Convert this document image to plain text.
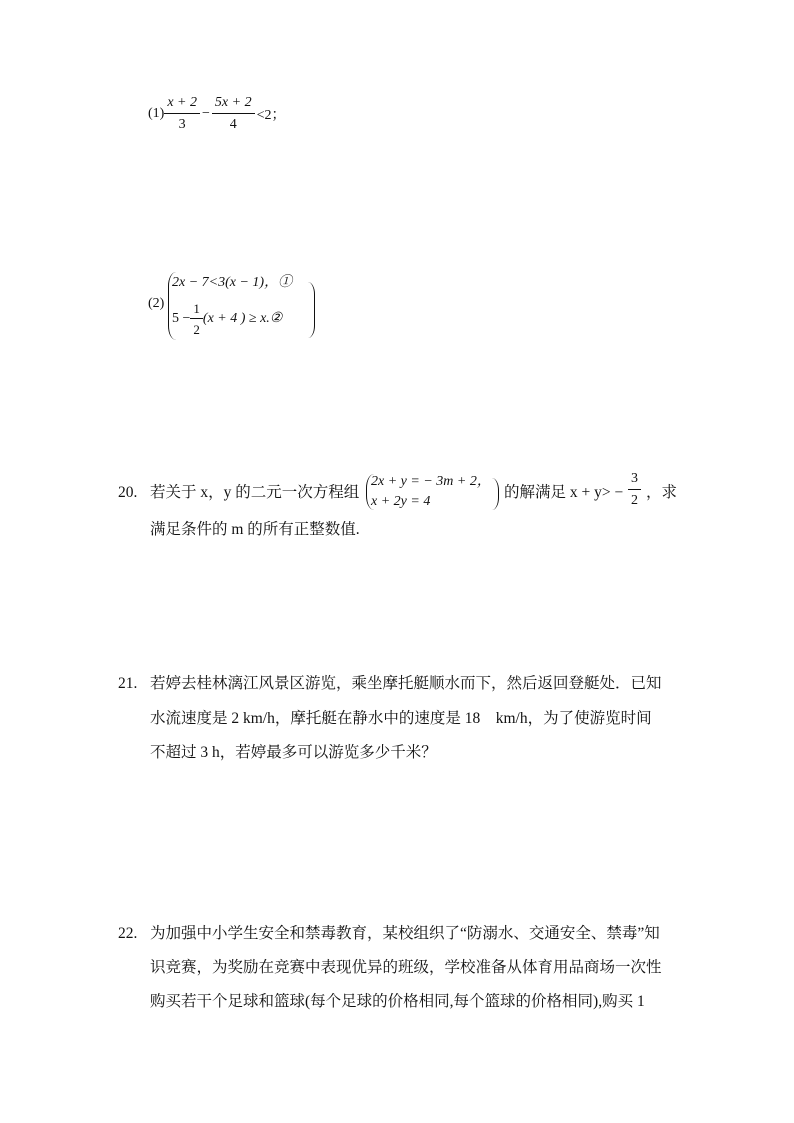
$(1) \frac{x + 2}{3} - \frac{5x + 2}{4} <2$；
(2)
2x − 7<3(x − 1)，①
$5 - \frac{1}{2} (x + 4$ ) ≥ x.②
20. 若关于 x，y 的二元一次方程组
2x + y = − 3m + 2，
x + 2y = 4
的解满足 $x + y> - \frac{3}{2}$ ，求
满足条件的 m 的所有正整数值.
21. 若婷去桂林漓江风景区游览，乘坐摩托艇顺水而下，然后返回登艇处．已知
水流速度是 2 km/h，摩托艇在静水中的速度是 18　km/h，为了使游览时间
不超过 3 h，若婷最多可以游览多少千米？
22. 为加强中小学生安全和禁毒教育，某校组织了“防溺水、交通安全、禁毒”知
识竞赛，为奖励在竞赛中表现优异的班级，学校准备从体育用品商场一次性
购买若干个足球和篮球(每个足球的价格相同,每个篮球的价格相同),购买 1
